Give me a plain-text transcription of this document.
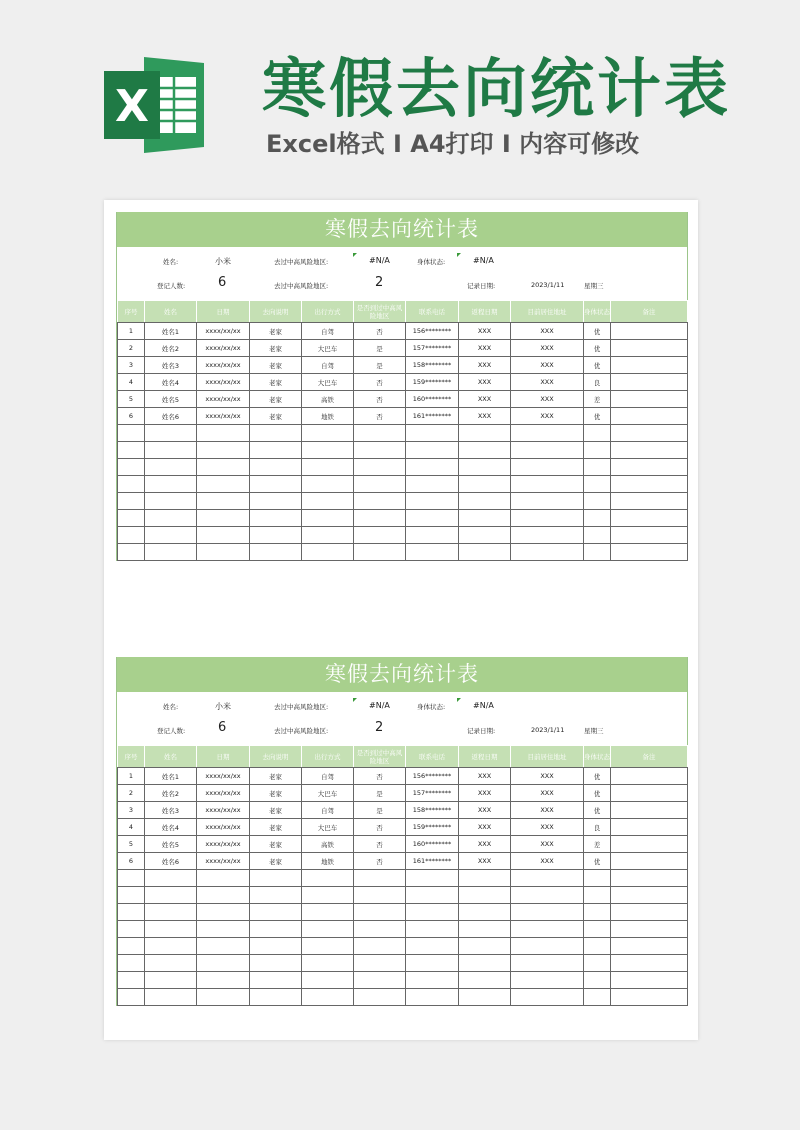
X 寒假去向统计表
Excel格式 I A4打印 I 内容可修改
寒假去向统计表
姓名:	小米	去过中高风险地区:	#N/A	身体状态:	#N/A
登记人数:	6	去过中高风险地区:	2	记录日期:	2023/1/11	星期三
序号	姓名	日期	去向说明	出行方式	是否到过中高风险地区	联系电话	返程日期	目前居住地址	身体状态	备注
1	姓名1	xxxx/xx/xx	老家	自驾	否	156********	XXX	XXX	优	
2	姓名2	xxxx/xx/xx	老家	大巴车	是	157********	XXX	XXX	优	
3	姓名3	xxxx/xx/xx	老家	自驾	是	158********	XXX	XXX	优	
4	姓名4	xxxx/xx/xx	老家	大巴车	否	159********	XXX	XXX	良	
5	姓名5	xxxx/xx/xx	老家	高铁	否	160********	XXX	XXX	差	
6	姓名6	xxxx/xx/xx	老家	地铁	否	161********	XXX	XXX	优	

寒假去向统计表
姓名:	小米	去过中高风险地区:	#N/A	身体状态:	#N/A
登记人数:	6	去过中高风险地区:	2	记录日期:	2023/1/11	星期三
序号	姓名	日期	去向说明	出行方式	是否到过中高风险地区	联系电话	返程日期	目前居住地址	身体状态	备注
1	姓名1	xxxx/xx/xx	老家	自驾	否	156********	XXX	XXX	优	
2	姓名2	xxxx/xx/xx	老家	大巴车	是	157********	XXX	XXX	优	
3	姓名3	xxxx/xx/xx	老家	自驾	是	158********	XXX	XXX	优	
4	姓名4	xxxx/xx/xx	老家	大巴车	否	159********	XXX	XXX	良	
5	姓名5	xxxx/xx/xx	老家	高铁	否	160********	XXX	XXX	差	
6	姓名6	xxxx/xx/xx	老家	地铁	否	161********	XXX	XXX	优	
